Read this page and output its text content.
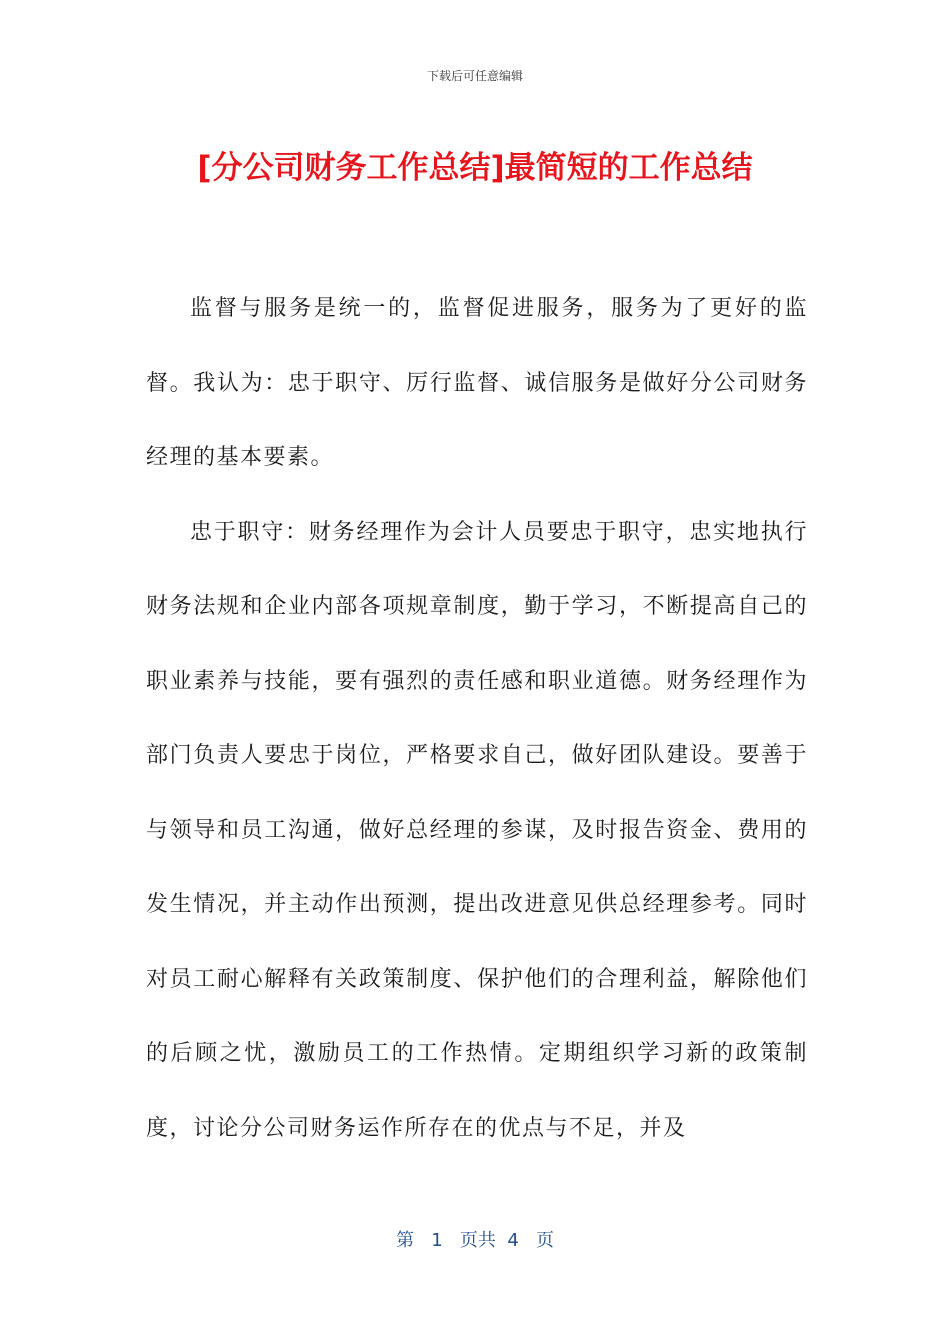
下载后可任意编辑
[分公司财务工作总结]最简短的工作总结

监督与服务是统一的，监督促进服务，服务为了更好的监督。我认为：忠于职守、厉行监督、诚信服务是做好分公司财务经理的基本要素。

忠于职守：财务经理作为会计人员要忠于职守，忠实地执行财务法规和企业内部各项规章制度，勤于学习，不断提高自己的职业素养与技能，要有强烈的责任感和职业道德。财务经理作为部门负责人要忠于岗位，严格要求自己，做好团队建设。要善于与领导和员工沟通，做好总经理的参谋，及时报告资金、费用的发生情况，并主动作出预测，提出改进意见供总经理参考。同时对员工耐心解释有关政策制度、保护他们的合理利益，解除他们的后顾之忧，激励员工的工作热情。定期组织学习新的政策制度，讨论分公司财务运作所存在的优点与不足，并及

第 1 页共 4 页
